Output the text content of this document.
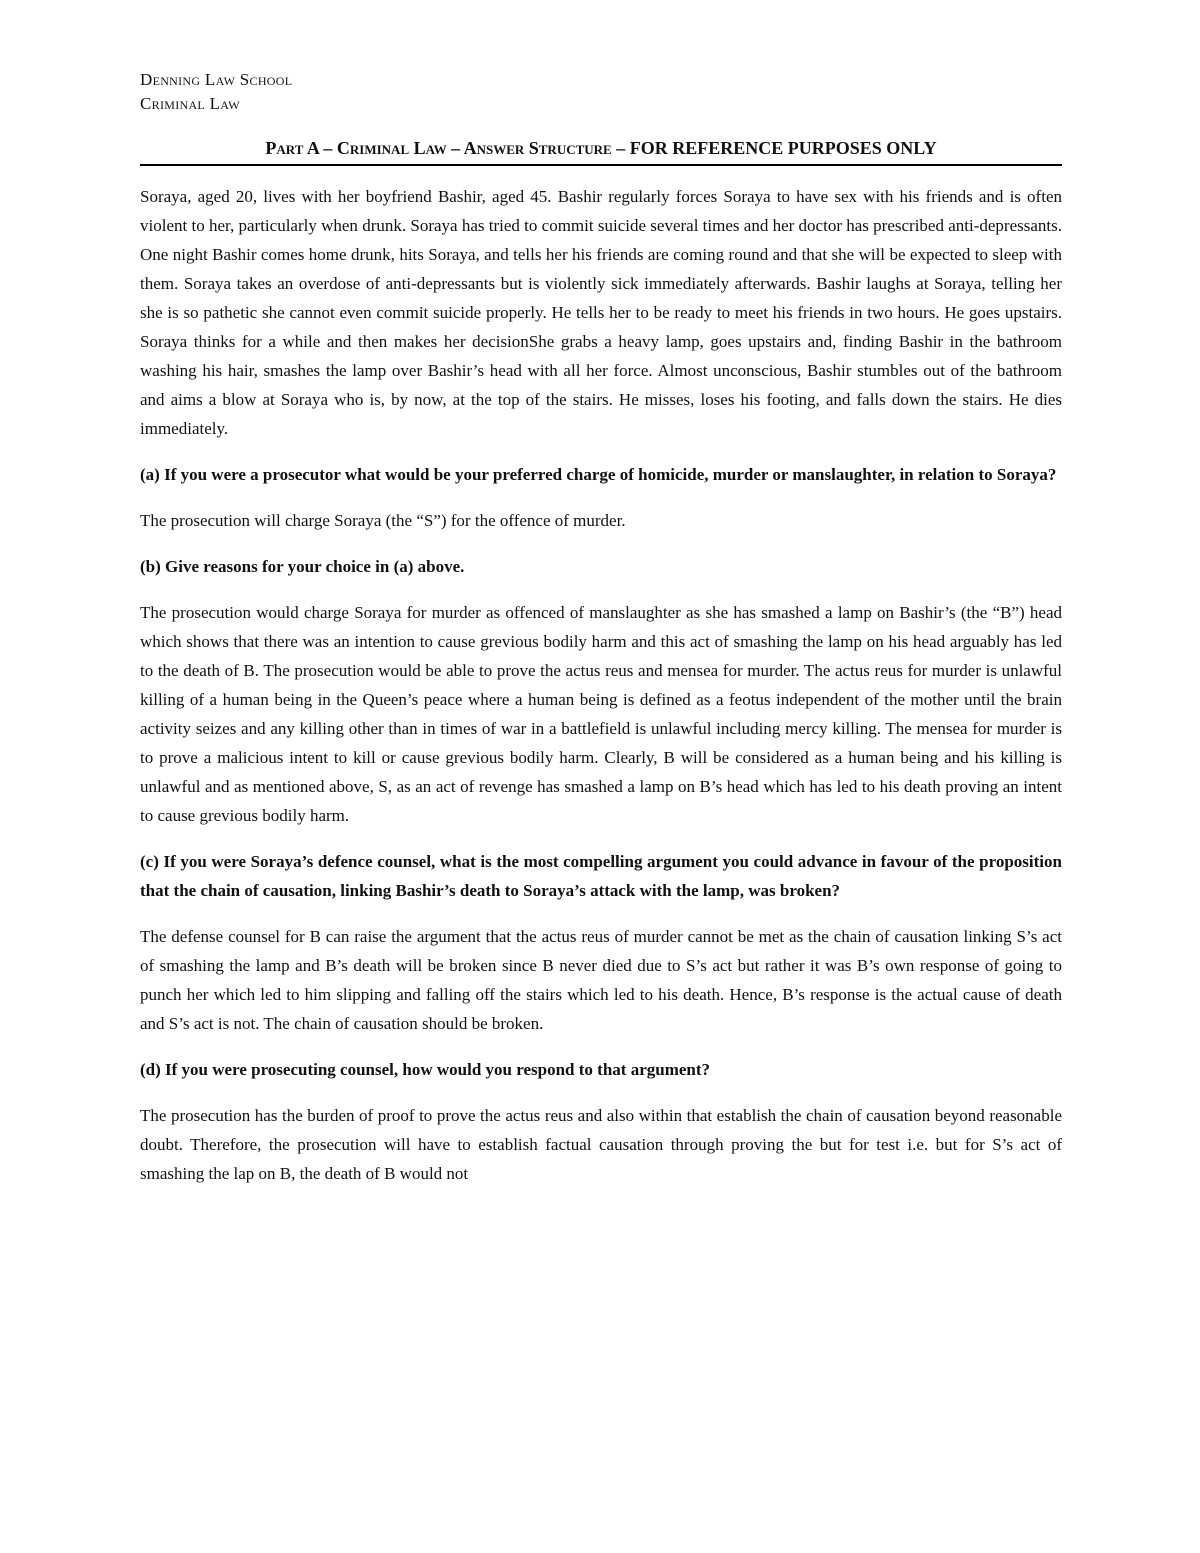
Denning Law School
Criminal Law
Part A – Criminal Law – Answer Structure – FOR REFERENCE PURPOSES ONLY

Soraya, aged 20, lives with her boyfriend Bashir, aged 45. Bashir regularly forces Soraya to have sex with his friends and is often violent to her, particularly when drunk. Soraya has tried to commit suicide several times and her doctor has prescribed anti-depressants. One night Bashir comes home drunk, hits Soraya, and tells her his friends are coming round and that she will be expected to sleep with them. Soraya takes an overdose of anti-depressants but is violently sick immediately afterwards. Bashir laughs at Soraya, telling her she is so pathetic she cannot even commit suicide properly. He tells her to be ready to meet his friends in two hours. He goes upstairs. Soraya thinks for a while and then makes her decisionShe grabs a heavy lamp, goes upstairs and, finding Bashir in the bathroom washing his hair, smashes the lamp over Bashir’s head with all her force. Almost unconscious, Bashir stumbles out of the bathroom and aims a blow at Soraya who is, by now, at the top of the stairs. He misses, loses his footing, and falls down the stairs. He dies immediately.

(a) If you were a prosecutor what would be your preferred charge of homicide, murder or manslaughter, in relation to Soraya?

The prosecution will charge Soraya (the “S”) for the offence of murder.

(b) Give reasons for your choice in (a) above.

The prosecution would charge Soraya for murder as offenced of manslaughter as she has smashed a lamp on Bashir’s (the “B”) head which shows that there was an intention to cause grevious bodily harm and this act of smashing the lamp on his head arguably has led to the death of B. The prosecution would be able to prove the actus reus and mensea for murder. The actus reus for murder is unlawful killing of a human being in the Queen’s peace where a human being is defined as a feotus independent of the mother until the brain activity seizes and any killing other than in times of war in a battlefield is unlawful including mercy killing. The mensea for murder is to prove a malicious intent to kill or cause grevious bodily harm. Clearly, B will be considered as a human being and his killing is unlawful and as mentioned above, S, as an act of revenge has smashed a lamp on B’s head which has led to his death proving an intent to cause grevious bodily harm.

(c) If you were Soraya’s defence counsel, what is the most compelling argument you could advance in favour of the proposition that the chain of causation, linking Bashir’s death to Soraya’s attack with the lamp, was broken?

The defense counsel for B can raise the argument that the actus reus of murder cannot be met as the chain of causation linking S’s act of smashing the lamp and B’s death will be broken since B never died due to S’s act but rather it was B’s own response of going to punch her which led to him slipping and falling off the stairs which led to his death. Hence, B’s response is the actual cause of death and S’s act is not. The chain of causation should be broken.

(d) If you were prosecuting counsel, how would you respond to that argument?

The prosecution has the burden of proof to prove the actus reus and also within that establish the chain of causation beyond reasonable doubt. Therefore, the prosecution will have to establish factual causation through proving the but for test i.e. but for S’s act of smashing the lap on B, the death of B would not
